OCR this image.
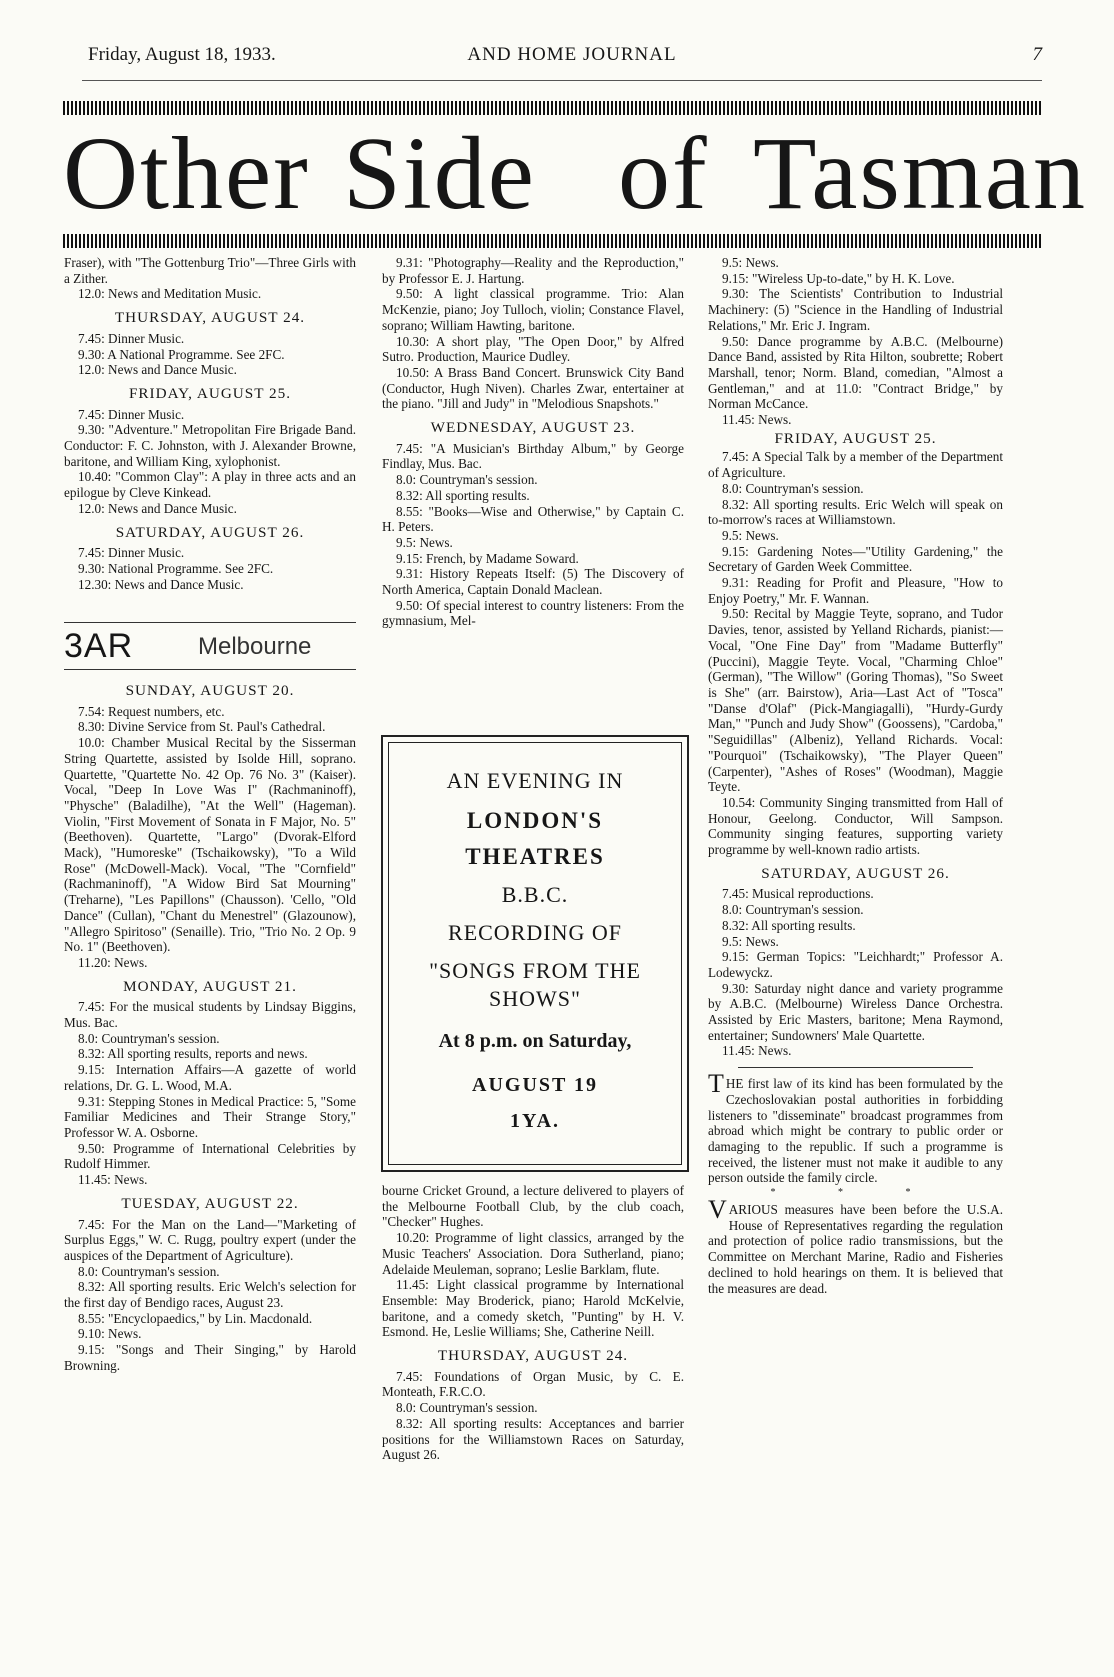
Friday, August 18, 1933.	AND HOME JOURNAL	7
Other Side of Tasman

Fraser), with "The Gottenburg Trio"—Three Girls with a Zither.

12.0: News and Meditation Music.

THURSDAY, AUGUST 24.

7.45: Dinner Music.

9.30: A National Programme. See 2FC.

12.0: News and Dance Music.

FRIDAY, AUGUST 25.

7.45: Dinner Music.

9.30: "Adventure." Metropolitan Fire Brigade Band. Conductor: F. C. Johnston, with J. Alexander Browne, baritone, and William King, xylophonist.

10.40: "Common Clay": A play in three acts and an epilogue by Cleve Kinkead.

12.0: News and Dance Music.

SATURDAY, AUGUST 26.

7.45: Dinner Music.

9.30: National Programme. See 2FC.

12.30: News and Dance Music.

3AR	Melbourne
SUNDAY, AUGUST 20.

7.54: Request numbers, etc.

8.30: Divine Service from St. Paul's Cathedral.

10.0: Chamber Musical Recital by the Sisserman String Quartette, assisted by Isolde Hill, soprano. Quartette, "Quartette No. 42 Op. 76 No. 3" (Kaiser). Vocal, "Deep In Love Was I" (Rachmaninoff), "Physche" (Baladilhe), "At the Well" (Hageman). Violin, "First Movement of Sonata in F Major, No. 5" (Beethoven). Quartette, "Largo" (Dvorak-Elford Mack), "Humoreske" (Tschaikowsky), "To a Wild Rose" (McDowell-Mack). Vocal, "The "Cornfield" (Rachmaninoff), "A Widow Bird Sat Mourning" (Treharne), "Les Papillons" (Chausson). 'Cello, "Old Dance" (Cullan), "Chant du Menestrel" (Glazounow), "Allegro Spiritoso" (Senaille). Trio, "Trio No. 2 Op. 9 No. 1" (Beethoven).

11.20: News.

MONDAY, AUGUST 21.

7.45: For the musical students by Lindsay Biggins, Mus. Bac.

8.0: Countryman's session.

8.32: All sporting results, reports and news.

9.15: Internation Affairs—A gazette of world relations, Dr. G. L. Wood, M.A.

9.31: Stepping Stones in Medical Practice: 5, "Some Familiar Medicines and Their Strange Story," Professor W. A. Osborne.

9.50: Programme of International Celebrities by Rudolf Himmer.

11.45: News.

TUESDAY, AUGUST 22.

7.45: For the Man on the Land—"Marketing of Surplus Eggs," W. C. Rugg, poultry expert (under the auspices of the Department of Agriculture).

8.0: Countryman's session.

8.32: All sporting results. Eric Welch's selection for the first day of Bendigo races, August 23.

8.55: "Encyclopaedics," by Lin. Macdonald.

9.10: News.

9.15: "Songs and Their Singing," by Harold Browning.

9.31: "Photography—Reality and the Reproduction," by Professor E. J. Hartung.

9.50: A light classical programme. Trio: Alan McKenzie, piano; Joy Tulloch, violin; Constance Flavel, soprano; William Hawting, baritone.

10.30: A short play, "The Open Door," by Alfred Sutro. Production, Maurice Dudley.

10.50: A Brass Band Concert. Brunswick City Band (Conductor, Hugh Niven). Charles Zwar, entertainer at the piano. "Jill and Judy" in "Melodious Snapshots."

WEDNESDAY, AUGUST 23.

7.45: "A Musician's Birthday Album," by George Findlay, Mus. Bac.

8.0: Countryman's session.

8.32: All sporting results.

8.55: "Books—Wise and Otherwise," by Captain C. H. Peters.

9.5: News.

9.15: French, by Madame Soward.

9.31: History Repeats Itself: (5) The Discovery of North America, Captain Donald Maclean.

9.50: Of special interest to country listeners: From the gymnasium, Mel-

AN EVENING IN
LONDON'S
THEATRES
B.B.C.
RECORDING OF
"SONGS FROM THE
SHOWS"
At 8 p.m. on Saturday,
AUGUST 19
1YA.

bourne Cricket Ground, a lecture delivered to players of the Melbourne Football Club, by the club coach, "Checker" Hughes.

10.20: Programme of light classics, arranged by the Music Teachers' Association. Dora Sutherland, piano; Adelaide Meuleman, soprano; Leslie Barklam, flute.

11.45: Light classical programme by International Ensemble: May Broderick, piano; Harold McKelvie, baritone, and a comedy sketch, "Punting" by H. V. Esmond. He, Leslie Williams; She, Catherine Neill.

THURSDAY, AUGUST 24.

7.45: Foundations of Organ Music, by C. E. Monteath, F.R.C.O.

8.0: Countryman's session.

8.32: All sporting results: Acceptances and barrier positions for the Williamstown Races on Saturday, August 26.

9.5: News.

9.15: "Wireless Up-to-date," by H. K. Love.

9.30: The Scientists' Contribution to Industrial Machinery: (5) "Science in the Handling of Industrial Relations," Mr. Eric J. Ingram.

9.50: Dance programme by A.B.C. (Melbourne) Dance Band, assisted by Rita Hilton, soubrette; Robert Marshall, tenor; Norm. Bland, comedian, "Almost a Gentleman," and at 11.0: "Contract Bridge," by Norman McCance.

11.45: News.

FRIDAY, AUGUST 25.

7.45: A Special Talk by a member of the Department of Agriculture.

8.0: Countryman's session.

8.32: All sporting results. Eric Welch will speak on to-morrow's races at Williamstown.

9.5: News.

9.15: Gardening Notes—"Utility Gardening," the Secretary of Garden Week Committee.

9.31: Reading for Profit and Pleasure, "How to Enjoy Poetry," Mr. F. Wannan.

9.50: Recital by Maggie Teyte, soprano, and Tudor Davies, tenor, assisted by Yelland Richards, pianist:—Vocal, "One Fine Day" from "Madame Butterfly" (Puccini), Maggie Teyte. Vocal, "Charming Chloe" (German), "The Willow" (Goring Thomas), "So Sweet is She" (arr. Bairstow), Aria—Last Act of "Tosca" "Danse d'Olaf" (Pick-Mangiagalli), "Hurdy-Gurdy Man," "Punch and Judy Show" (Goossens), "Cardoba," "Seguidillas" (Albeniz), Yelland Richards. Vocal: "Pourquoi" (Tschaikowsky), "The Player Queen" (Carpenter), "Ashes of Roses" (Woodman), Maggie Teyte.

10.54: Community Singing transmitted from Hall of Honour, Geelong. Conductor, Will Sampson. Community singing features, supporting variety programme by well-known radio artists.

SATURDAY, AUGUST 26.

7.45: Musical reproductions.

8.0: Countryman's session.

8.32: All sporting results.

9.5: News.

9.15: German Topics: "Leichhardt;" Professor A. Lodewyckz.

9.30: Saturday night dance and variety programme by A.B.C. (Melbourne) Wireless Dance Orchestra. Assisted by Eric Masters, baritone; Mena Raymond, entertainer; Sundowners' Male Quartette.

11.45: News.

THE first law of its kind has been formulated by the Czechoslovakian postal authorities in forbidding listeners to "disseminate" broadcast programmes from abroad which might be contrary to public order or damaging to the republic. If such a programme is received, the listener must not make it audible to any person outside the family circle.

* * *

VARIOUS measures have been before the U.S.A. House of Representatives regarding the regulation and protection of police radio transmissions, but the Committee on Merchant Marine, Radio and Fisheries declined to hold hearings on them. It is believed that the measures are dead.
